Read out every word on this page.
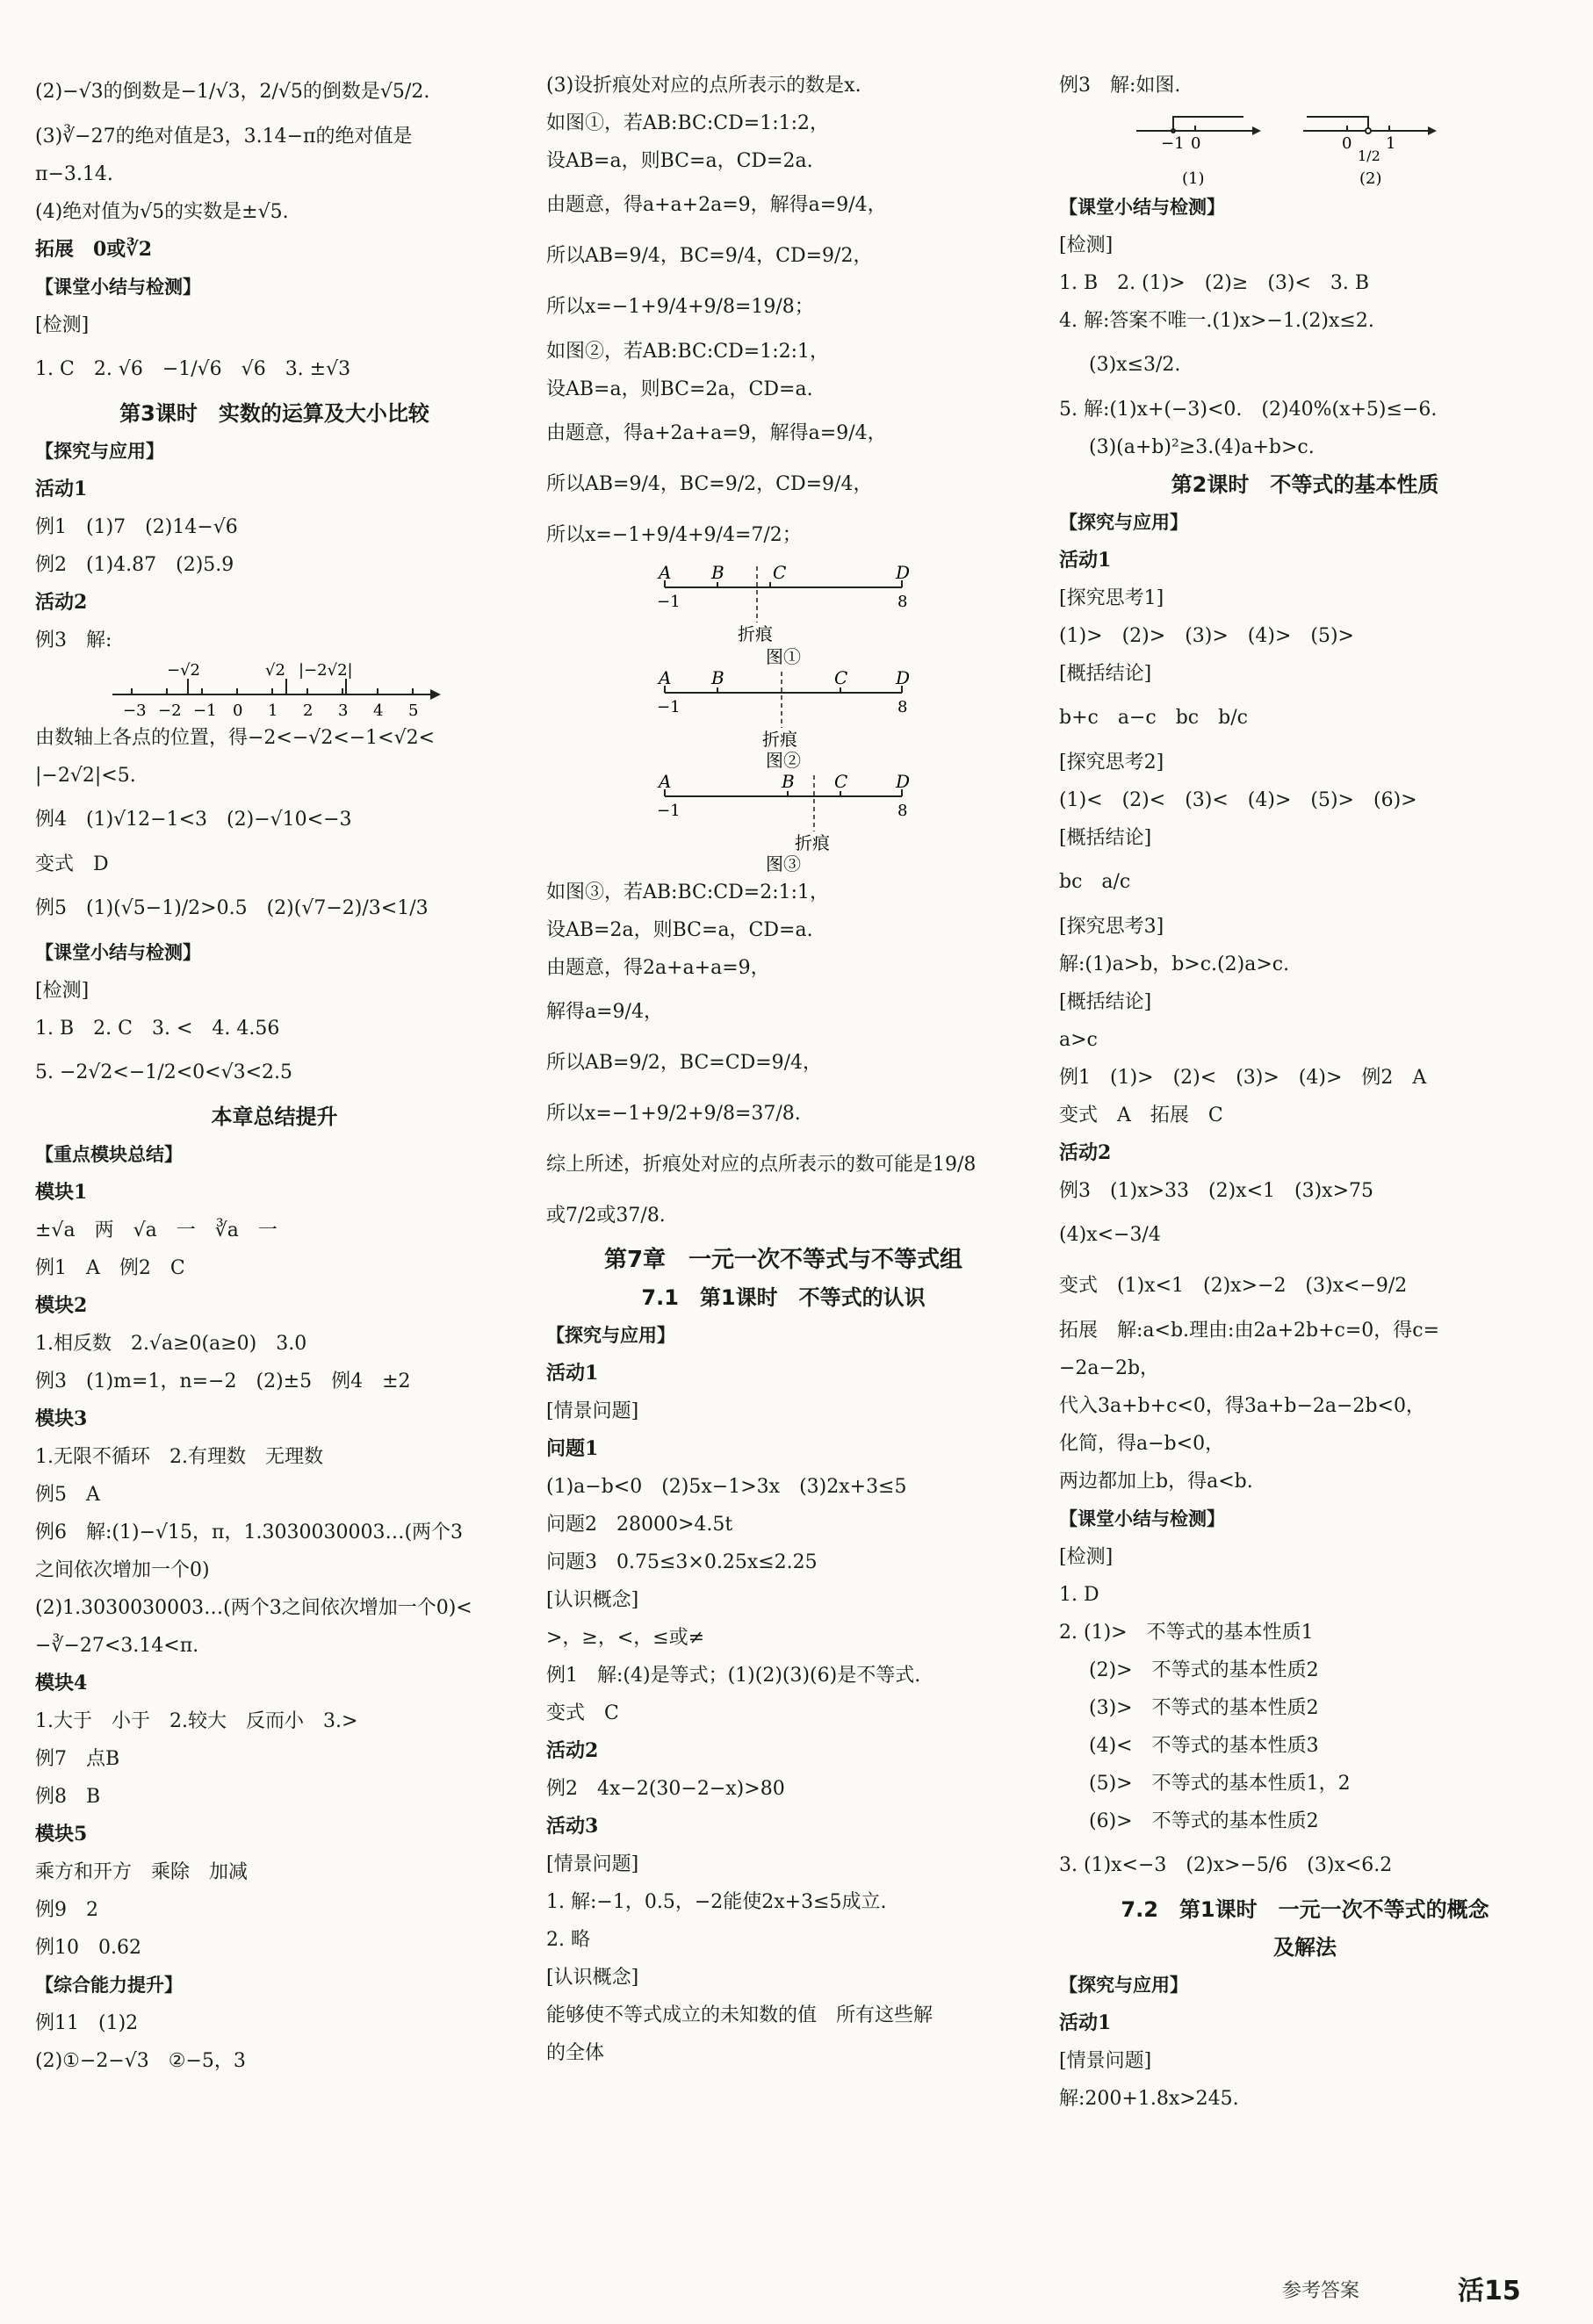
(2)−√3的倒数是−1/√3，2/√5的倒数是√5/2.
(3)∛−27的绝对值是3，3.14−π的绝对值是
π−3.14.
(4)绝对值为√5的实数是±√5.
拓展　0或∛2
【课堂小结与检测】
[检测]
1. C　2. √6　−1/√6　√6　3. ±√3
第3课时　实数的运算及大小比较
【探究与应用】
活动1
例1　(1)7　(2)14−√6
例2　(1)4.87　(2)5.9
活动2
例3　解:
−3 −2 −1 0 1 2 3 4 5
−√2	√2 |−2√2|
由数轴上各点的位置，得−2<−√2<−1<√2<
|−2√2|<5.
例4　(1)√12−1<3　(2)−√10<−3
变式　D
例5　(1)(√5−1)/2>0.5　(2)(√7−2)/3<1/3
【课堂小结与检测】
[检测]
1. B　2. C　3. <　4. 4.56
5. −2√2<−1/2<0<√3<2.5
本章总结提升
【重点模块总结】
模块1
±√a　两　√a　一　∛a　一
例1　A　例2　C
模块2
1.相反数　2.√a≥0(a≥0)　3.0
例3　(1)m=1，n=−2　(2)±5　例4　±2
模块3
1.无限不循环　2.有理数　无理数
例5　A
例6　解:(1)−√15，π，1.3030030003…(两个3
之间依次增加一个0)
(2)1.3030030003…(两个3之间依次增加一个0)<
−∛−27<3.14<π.
模块4
1.大于　小于　2.较大　反而小　3.>
例7　点B
例8　B
模块5
乘方和开方　乘除　加减
例9　2
例10　0.62
【综合能力提升】
例11　(1)2
(2)①−2−√3　②−5，3
(3)设折痕处对应的点所表示的数是x.
如图①，若AB:BC:CD=1:1:2，
设AB=a，则BC=a，CD=2a.
由题意，得a+a+2a=9，解得a=9/4，
所以AB=9/4，BC=9/4，CD=9/2，
所以x=−1+9/4+9/8=19/8；
如图②，若AB:BC:CD=1:2:1，
设AB=a，则BC=2a，CD=a.
由题意，得a+2a+a=9，解得a=9/4，
所以AB=9/4，BC=9/2，CD=9/4，
所以x=−1+9/4+9/4=7/2；
A B	C	D
−1	8
折痕
图①
A B	C	D
−1	8
折痕
图②
A	B C	D
−1	8
折痕
图③
如图③，若AB:BC:CD=2:1:1，
设AB=2a，则BC=a，CD=a.
由题意，得2a+a+a=9，
解得a=9/4，
所以AB=9/2，BC=CD=9/4，
所以x=−1+9/2+9/8=37/8.
综上所述，折痕处对应的点所表示的数可能是19/8
或7/2或37/8.
第7章　一元一次不等式与不等式组
7.1　第1课时　不等式的认识
【探究与应用】
活动1
[情景问题]
问题1
(1)a−b<0　(2)5x−1>3x　(3)2x+3≤5
问题2　28000>4.5t
问题3　0.75≤3×0.25x≤2.25
[认识概念]
>，≥，<，≤或≠
例1　解:(4)是等式；(1)(2)(3)(6)是不等式.
变式　C
活动2
例2　4x−2(30−2−x)>80
活动3
[情景问题]
1. 解:−1，0.5，−2能使2x+3≤5成立.
2. 略
[认识概念]
能够使不等式成立的未知数的值　所有这些解
的全体
例3　解:如图.
−1 0
(1)
0
1/2
1
(2)
【课堂小结与检测】
[检测]
1. B　2. (1)>　(2)≥　(3)<　3. B
4. 解:答案不唯一.(1)x>−1.(2)x≤2.
(3)x≤3/2.
5. 解:(1)x+(−3)<0.　(2)40%(x+5)≤−6.
(3)(a+b)²≥3.(4)a+b>c.
第2课时　不等式的基本性质
【探究与应用】
活动1
[探究思考1]
(1)>　(2)>　(3)>　(4)>　(5)>
[概括结论]
b+c　a−c　bc　b/c
[探究思考2]
(1)<　(2)<　(3)<　(4)>　(5)>　(6)>
[概括结论]
bc　a/c
[探究思考3]
解:(1)a>b，b>c.(2)a>c.
[概括结论]
a>c
例1　(1)>　(2)<　(3)>　(4)>　例2　A
变式　A　拓展　C
活动2
例3　(1)x>33　(2)x<1　(3)x>75
(4)x<−3/4
变式　(1)x<1　(2)x>−2　(3)x<−9/2
拓展　解:a<b.理由:由2a+2b+c=0，得c=
−2a−2b，
代入3a+b+c<0，得3a+b−2a−2b<0，
化简，得a−b<0，
两边都加上b，得a<b.
【课堂小结与检测】
[检测]
1. D
2. (1)>　不等式的基本性质1
(2)>　不等式的基本性质2
(3)>　不等式的基本性质2
(4)<　不等式的基本性质3
(5)>　不等式的基本性质1，2
(6)>　不等式的基本性质2
3. (1)x<−3　(2)x>−5/6　(3)x<6.2
7.2　第1课时　一元一次不等式的概念
及解法
【探究与应用】
活动1
[情景问题]
解:200+1.8x>245.
参考答案	活15
